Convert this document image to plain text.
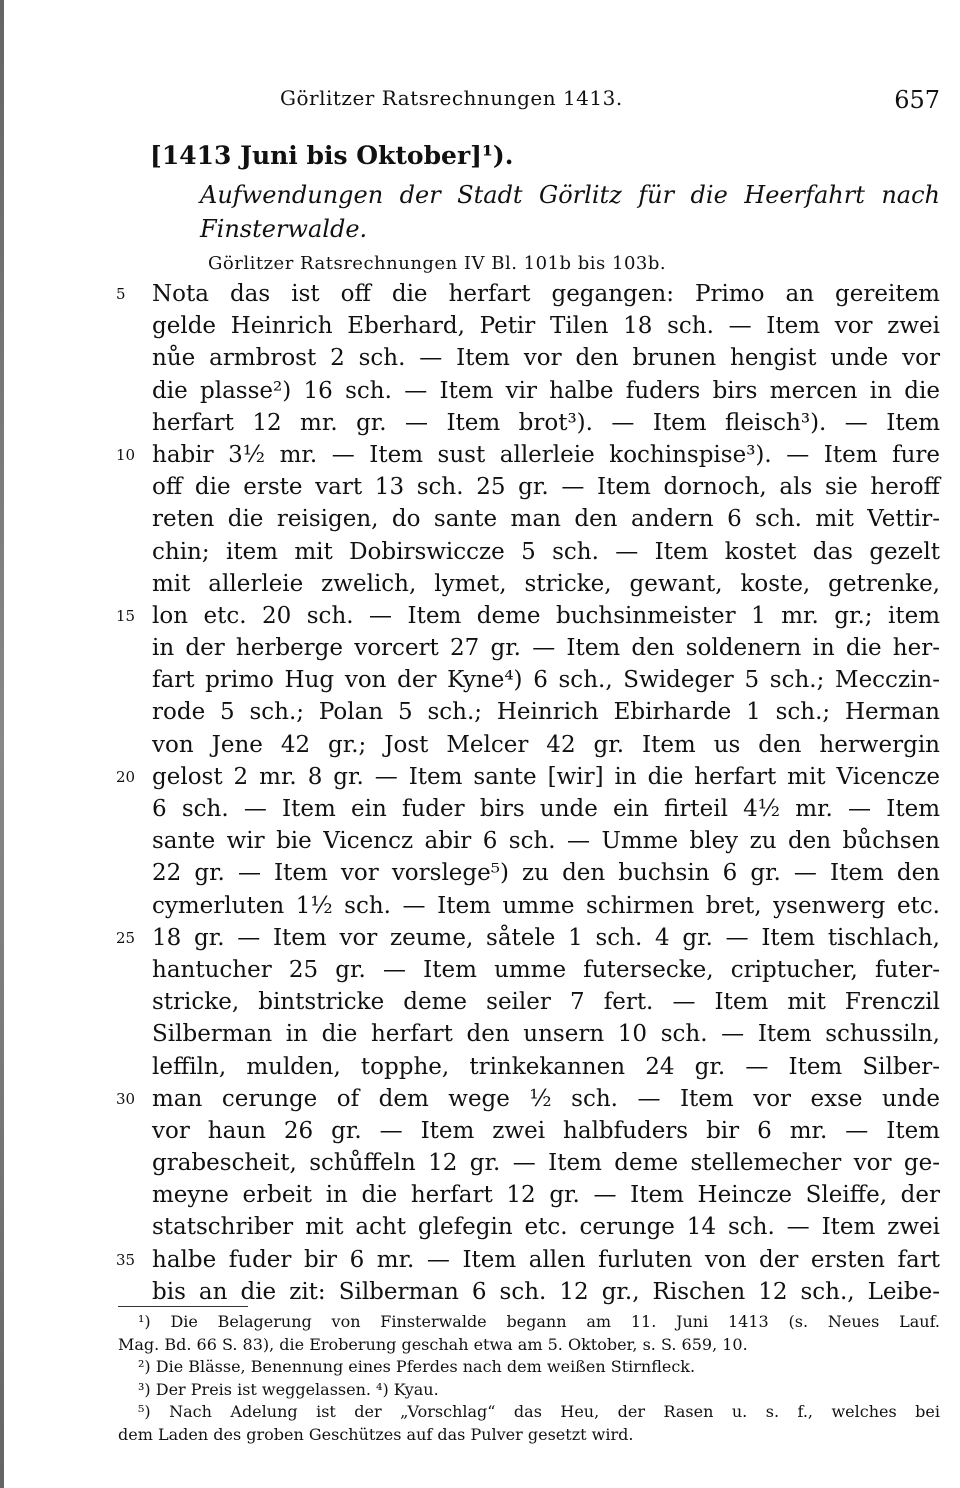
Görlitzer Ratsrechnungen 1413.	657
[1413 Juni bis Oktober]¹).
Aufwendungen der Stadt Görlitz für die Heerfahrt nach
Finsterwalde.
Görlitzer Ratsrechnungen IV Bl. 101b bis 103b.
5	Nota das ist off die herfart gegangen: Primo an gereitem
gelde Heinrich Eberhard, Petir Tilen 18 sch. — Item vor zwei
nůe armbrost 2 sch. — Item vor den brunen hengist unde vor
die plasse²) 16 sch. — Item vir halbe fuders birs mercen in die
herfart 12 mr. gr. — Item brot³). — Item fleisch³). — Item
10 habir 3½ mr. — Item sust allerleie kochinspise³). — Item fure
off die erste vart 13 sch. 25 gr. — Item dornoch, als sie heroff
reten die reisigen, do sante man den andern 6 sch. mit Vettir-
chin; item mit Dobirswiccze 5 sch. — Item kostet das gezelt
mit allerleie zwelich, lymet, stricke, gewant, koste, getrenke,
15 lon etc. 20 sch. — Item deme buchsinmeister 1 mr. gr.; item
in der herberge vorcert 27 gr. — Item den soldenern in die her-
fart primo Hug von der Kyne⁴) 6 sch., Swideger 5 sch.; Mecczin-
rode 5 sch.; Polan 5 sch.; Heinrich Ebirharde 1 sch.; Herman
von Jene 42 gr.; Jost Melcer 42 gr. Item us den herwergin
20 gelost 2 mr. 8 gr. — Item sante [wir] in die herfart mit Vicencze
6 sch. — Item ein fuder birs unde ein firteil 4½ mr. — Item
sante wir bie Vicencz abir 6 sch. — Umme bley zu den bůchsen
22 gr. — Item vor vorslege⁵) zu den buchsin 6 gr. — Item den
cymerluten 1½ sch. — Item umme schirmen bret, ysenwerg etc.
25 18 gr. — Item vor zeume, såtele 1 sch. 4 gr. — Item tischlach,
hantucher 25 gr. — Item umme futersecke, criptucher, futer-
stricke, bintstricke deme seiler 7 fert. — Item mit Frenczil
Silberman in die herfart den unsern 10 sch. — Item schussiln,
leffiln, mulden, topphe, trinkekannen 24 gr. — Item Silber-
30 man cerunge of dem wege ½ sch. — Item vor exse unde
vor haun 26 gr. — Item zwei halbfuders bir 6 mr. — Item
grabescheit, schůffeln 12 gr. — Item deme stellemecher vor ge-
meyne erbeit in die herfart 12 gr. — Item Heincze Sleiffe, der
statschriber mit acht glefegin etc. cerunge 14 sch. — Item zwei
35 halbe fuder bir 6 mr. — Item allen furluten von der ersten fart
bis an die zit: Silberman 6 sch. 12 gr., Rischen 12 sch., Leibe-
¹) Die Belagerung von Finsterwalde begann am 11. Juni 1413 (s. Neues Lauf.
Mag. Bd. 66 S. 83), die Eroberung geschah etwa am 5. Oktober, s. S. 659, 10.
²) Die Blässe, Benennung eines Pferdes nach dem weißen Stirnfleck.
³) Der Preis ist weggelassen. ⁴) Kyau.
⁵) Nach Adelung ist der „Vorschlag“ das Heu, der Rasen u. s. f., welches bei
dem Laden des groben Geschützes auf das Pulver gesetzt wird.
